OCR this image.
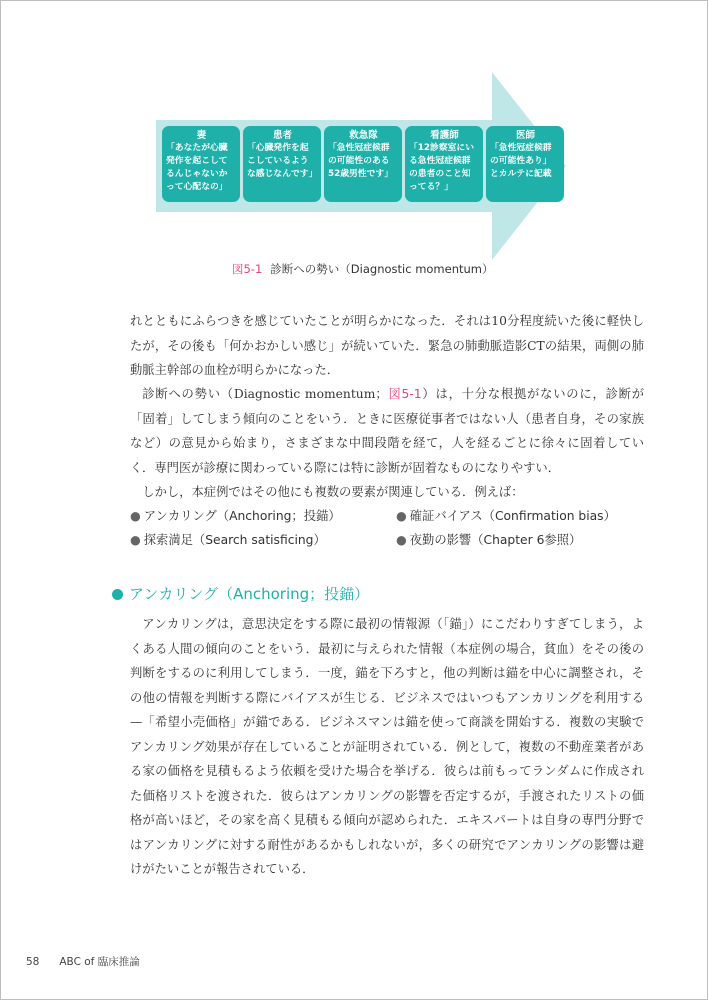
妻
「あなたが心臓
発作を起こして
るんじゃないか
って心配なの」
患者
「心臓発作を起
こしているよう
な感じなんです」
救急隊
「急性冠症候群
の可能性のある
52歳男性です」
看護師
「12診察室にい
る急性冠症候群
の患者のこと知
ってる？」
医師
「急性冠症候群
の可能性あり」
とカルテに記載
図5-1 診断への勢い（Diagnostic momentum）
れとともにふらつきを感じていたことが明らかになった．それは10分程度続いた後に軽快したが，その後も「何かおかしい感じ」が続いていた．緊急の肺動脈造影CTの結果，両側の肺動脈主幹部の血栓が明らかになった．
診断への勢い（Diagnostic momentum；図5-1）は，十分な根拠がないのに，診断が「固着」してしまう傾向のことをいう．ときに医療従事者ではない人（患者自身，その家族など）の意見から始まり，さまざまな中間段階を経て，人を経るごとに徐々に固着していく．専門医が診療に関わっている際には特に診断が固着なものになりやすい．
しかし，本症例ではその他にも複数の要素が関連している．例えば：
● アンカリング（Anchoring；投錨）	● 確証バイアス（Confirmation bias）
● 探索満足（Search satisficing）	● 夜勤の影響（Chapter 6参照）
アンカリング（Anchoring；投錨）
アンカリングは，意思決定をする際に最初の情報源（「錨」）にこだわりすぎてしまう，よくある人間の傾向のことをいう．最初に与えられた情報（本症例の場合，貧血）をその後の判断をするのに利用してしまう．一度，錨を下ろすと，他の判断は錨を中心に調整され，その他の情報を判断する際にバイアスが生じる．ビジネスではいつもアンカリングを利用する—「希望小売価格」が錨である．ビジネスマンは錨を使って商談を開始する．複数の実験でアンカリング効果が存在していることが証明されている．例として，複数の不動産業者がある家の価格を見積もるよう依頼を受けた場合を挙げる．彼らは前もってランダムに作成された価格リストを渡された．彼らはアンカリングの影響を否定するが，手渡されたリストの価格が高いほど，その家を高く見積もる傾向が認められた．エキスパートは自身の専門分野ではアンカリングに対する耐性があるかもしれないが，多くの研究でアンカリングの影響は避けがたいことが報告されている．
58 ABC of 臨床推論
